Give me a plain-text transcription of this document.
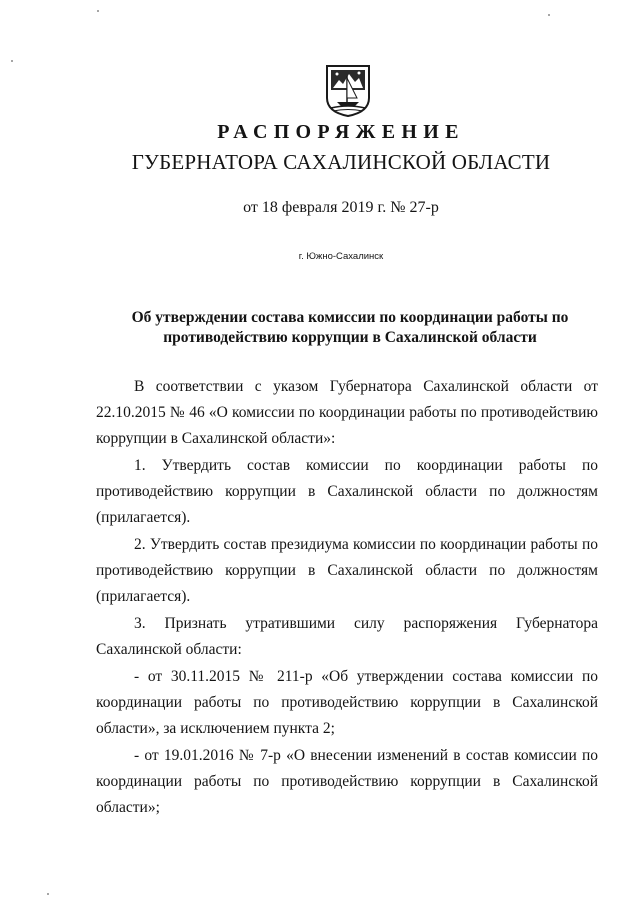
РАСПОРЯЖЕНИЕ
ГУБЕРНАТОРА САХАЛИНСКОЙ ОБЛАСТИ
от 18 февраля 2019 г. № 27-р
г. Южно-Сахалинск
Об утверждении состава комиссии по координации работы по
противодействию коррупции в Сахалинской области
В соответствии с указом Губернатора Сахалинской области от
22.10.2015 № 46 «О комиссии по координации работы по противодействию
коррупции в Сахалинской области»:
1. Утвердить состав комиссии по координации работы по
противодействию коррупции в Сахалинской области по должностям
(прилагается).
2. Утвердить состав президиума комиссии по координации работы по
противодействию коррупции в Сахалинской области по должностям
(прилагается).
3. Признать утратившими силу распоряжения Губернатора
Сахалинской области:
- от 30.11.2015 № 211-р «Об утверждении состава комиссии по
координации работы по противодействию коррупции в Сахалинской
области», за исключением пункта 2;
- от 19.01.2016 № 7-р «О внесении изменений в состав комиссии по
координации работы по противодействию коррупции в Сахалинской
области»;
